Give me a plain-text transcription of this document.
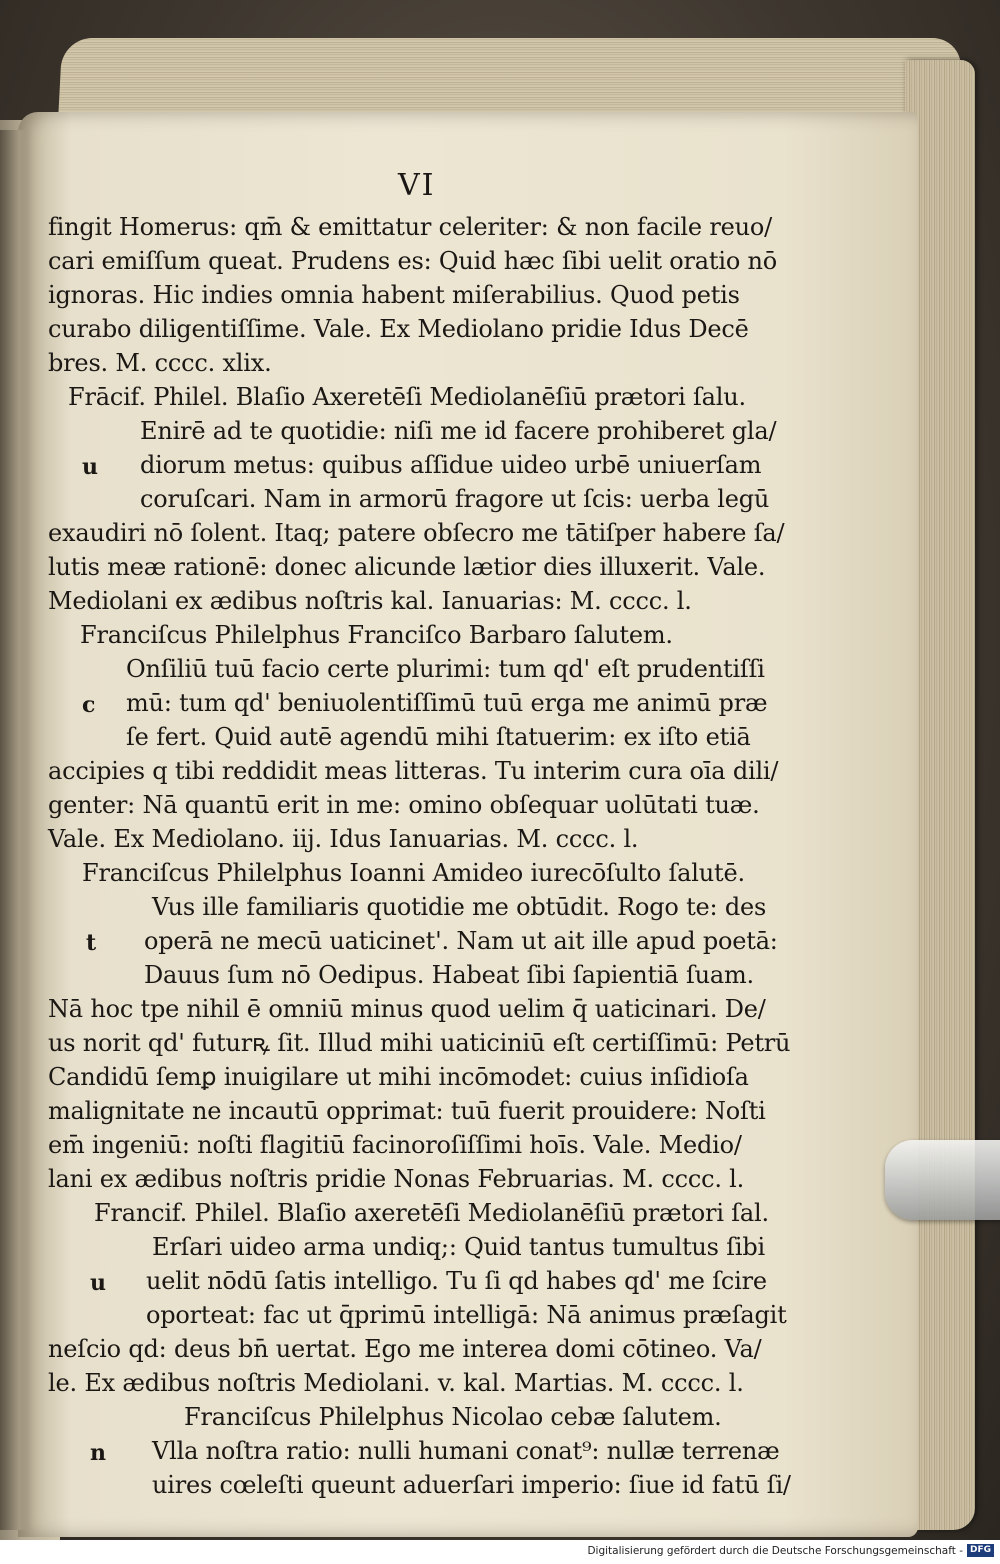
VI
fingit Homerus: qm̄ & emittatur celeriter: & non facile reuo/
cari emiſſum queat. Prudens es: Quid hæc ſibi uelit oratio nō
ignoras. Hic indies omnia habent miſerabilius. Quod petis
curabo diligentiſſime. Vale. Ex Mediolano pridie Idus Decē
bres. M. cccc. xlix.
Frācif. Philel. Blaſio Axeretēſi Mediolanēſiū prætori ſalu.
Enirē ad te quotidie: niſi me id facere prohiberet gla/
diorum metus: quibus aſſidue uideo urbē uniuerſam
coruſcari. Nam in armorū fragore ut ſcis: uerba legū
exaudiri nō ſolent. Itaq; patere obſecro me tātiſper habere ſa/
lutis meæ rationē: donec alicunde lætior dies illuxerit. Vale.
Mediolani ex ædibus noſtris kal. Ianuarias: M. cccc. l.
Franciſcus Philelphus Franciſco Barbaro ſalutem.
Onſiliū tuū facio certe plurimi: tum qd' eſt prudentiſſi
mū: tum qd' beniuolentiſſimū tuū erga me animū præ
ſe fert. Quid autē agendū mihi ſtatuerim: ex iſto etiā
accipies q tibi reddidit meas litteras. Tu interim cura oīa dili/
genter: Nā quantū erit in me: omino obſequar uolūtati tuæ.
Vale. Ex Mediolano. iij. Idus Ianuarias. M. cccc. l.
Franciſcus Philelphus Ioanni Amideo iurecōſulto ſalutē.
Vus ille familiaris quotidie me obtūdit. Rogo te: des
operā ne mecū uaticinet'. Nam ut ait ille apud poetā:
Dauus ſum nō Oedipus. Habeat ſibi ſapientiā ſuam.
Nā hoc tpe nihil ē omniū minus quod uelim q̄ uaticinari. De/
us norit qd' futurꝶ ſit. Illud mihi uaticiniū eſt certiſſimū: Petrū
Candidū ſemꝑ inuigilare ut mihi incōmodet: cuius inſidioſa
malignitate ne incautū opprimat: tuū fuerit prouidere: Noſti
em̄ ingeniū: noſti flagitiū facinoroſiſſimi hoīs. Vale. Medio/
lani ex ædibus noſtris pridie Nonas Februarias. M. cccc. l.
Francif. Philel. Blaſio axeretēſi Mediolanēſiū prætori ſal.
Erſari uideo arma undiq;: Quid tantus tumultus ſibi
uelit nōdū ſatis intelligo. Tu ſi qd habes qd' me ſcire
oporteat: fac ut q̄primū intelligā: Nā animus præſagit
neſcio qd: deus bn̄ uertat. Ego me interea domi cōtineo. Va/
le. Ex ædibus noſtris Mediolani. v. kal. Martias. M. cccc. l.
Franciſcus Philelphus Nicolao cebæ ſalutem.
Vlla noſtra ratio: nulli humani conat⁹: nullæ terrenæ
uires cœleſti queunt aduerſari imperio: ſiue id fatū ſi/
u
c
t
u
n
Digitalisierung gefördert durch die Deutsche Forschungsgemeinschaft - DFG
